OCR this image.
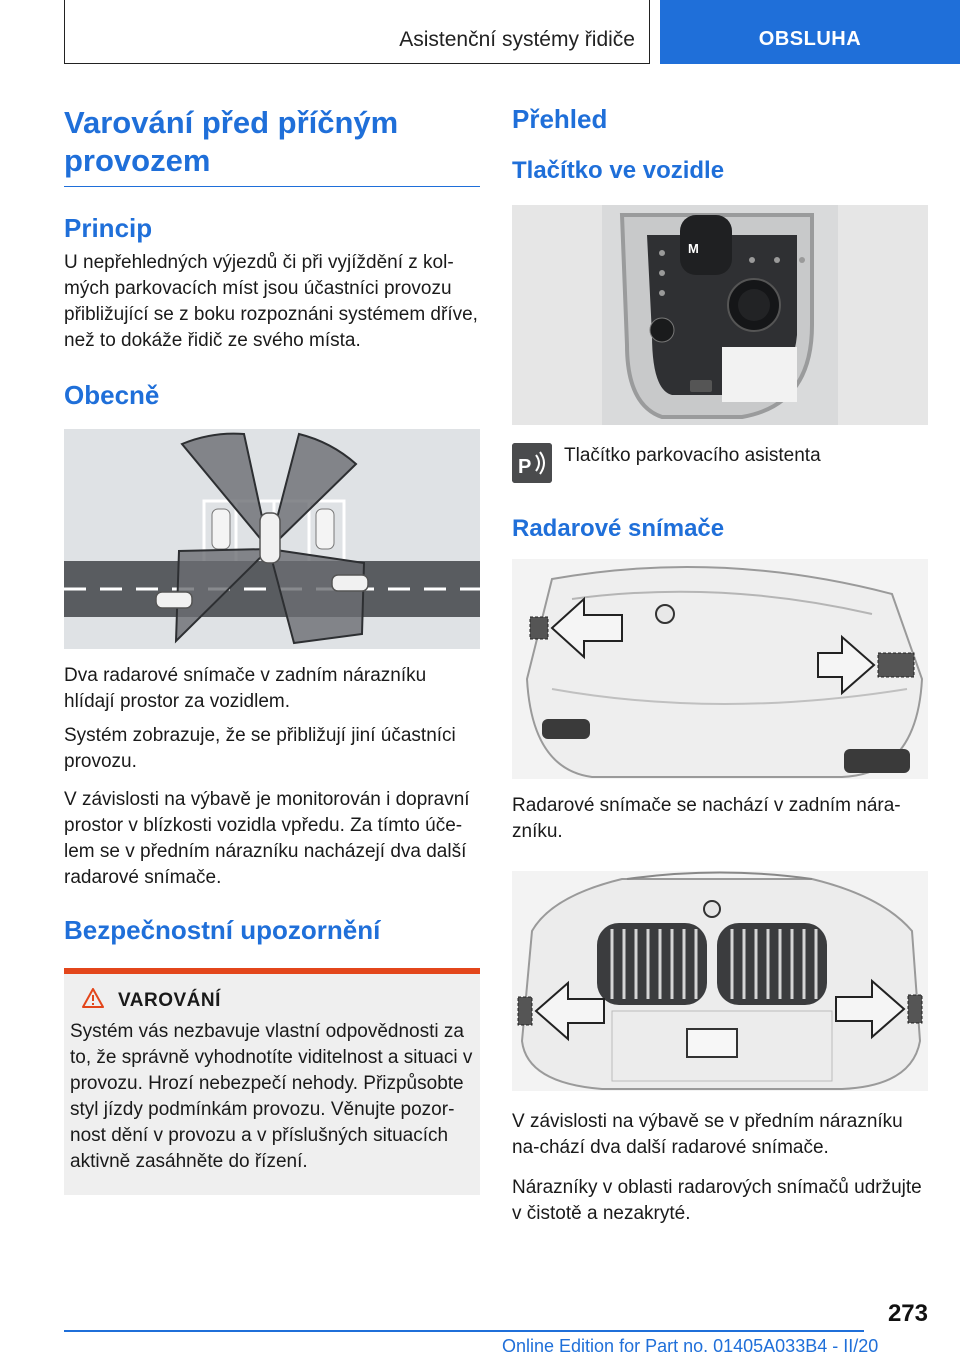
Asistenční systémy řidiče	OBSLUHA
Varování před příčným provozem
Princip

U nepřehledných výjezdů či při vyjíždění z kol-mých parkovacích míst jsou účastníci provozu přibližující se z boku rozpoznáni systémem dříve, než to dokáže řidič ze svého místa.

Obecně

Dva radarové snímače v zadním nárazníku hlídají prostor za vozidlem.

Systém zobrazuje, že se přibližují jiní účastníci provozu.

V závislosti na výbavě je monitorován i dopravní prostor v blízkosti vozidla vpředu. Za tímto úče-lem se v předním nárazníku nacházejí dva další radarové snímače.

Bezpečnostní upozornění
VAROVÁNÍ

Systém vás nezbavuje vlastní odpovědnosti za to, že správně vyhodnotíte viditelnost a situaci v provozu. Hrozí nebezpečí nehody. Přizpůsobte styl jízdy podmínkám provozu. Věnujte pozor-nost dění v provozu a v příslušných situacích aktivně zasáhněte do řízení.

Přehled
Tlačítko ve vozidle
M
P

Tlačítko parkovacího asistenta

Radarové snímače

Radarové snímače se nachází v zadním nára-zníku.

V závislosti na výbavě se v předním nárazníku na-chází dva další radarové snímače.

Nárazníky v oblasti radarových snímačů udržujte v čistotě a nezakryté.

273
Online Edition for Part no. 01405A033B4 - II/20
